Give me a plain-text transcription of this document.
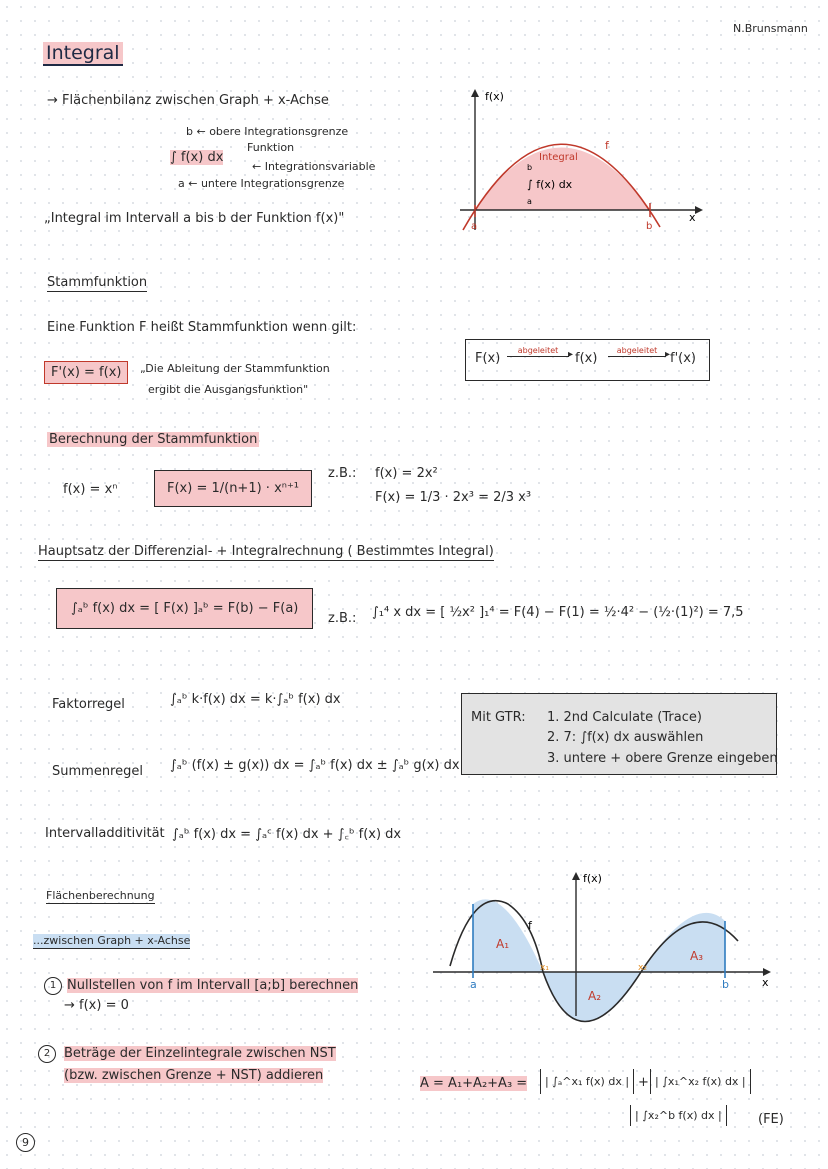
N.Brunsmann
Integral
→ Flächenbilanz zwischen Graph + x-Achse
b ← obere Integrationsgrenze
Funktion
∫ f(x) dx
← Integrationsvariable
a ← untere Integrationsgrenze
„Integral im Intervall a bis b der Funktion f(x)"
f(x)
x
f
Integral
b
∫ f(x) dx
a
a	b
Stammfunktion
Eine Funktion F heißt Stammfunktion wenn gilt:
F'(x) = f(x)	„Die Ableitung der Stammfunktion
ergibt die Ausgangsfunktion"
F(x)
abgeleitet ▸ f(x)
abgeleitet ▸ f'(x)
Berechnung der Stammfunktion
f(x) = xⁿ	F(x) = 1/(n+1) · xⁿ⁺¹
z.B.: f(x) = 2x²
F(x) = 1/3 · 2x³ = 2/3 x³
Hauptsatz der Differenzial- + Integralrechnung ( Bestimmtes Integral)
∫ₐᵇ f(x) dx = [ F(x) ]ₐᵇ = F(b) − F(a)
z.B.: ∫₁⁴ x dx = [ ½x² ]₁⁴ = F(4) − F(1) = ½·4² − (½·(1)²) = 7,5
Faktorregel	∫ₐᵇ k·f(x) dx = k·∫ₐᵇ f(x) dx
Summenregel ∫ₐᵇ (f(x) ± g(x)) dx = ∫ₐᵇ f(x) dx ± ∫ₐᵇ g(x) dx
Intervalladditivität ∫ₐᵇ f(x) dx = ∫ₐᶜ f(x) dx + ∫꜀ᵇ f(x) dx
Mit GTR: 1. 2nd Calculate (Trace)
2. 7: ∫f(x) dx auswählen
3. untere + obere Grenze eingeben
Flächenberechnung
...zwischen Graph + x-Achse
1 Nullstellen von f im Intervall [a;b] berechnen
→ f(x) = 0
2	Beträge der Einzelintegrale zwischen NST
(bzw. zwischen Grenze + NST) addieren
A = A₁+A₂+A₃ =	| ∫ₐ^x₁ f(x) dx | + | ∫x₁^x₂ f(x) dx |
| ∫x₂^b f(x) dx |	(FE)
f(x)
x
f
A₁
A₂
A₃
a	b
x₁	x₂
9
